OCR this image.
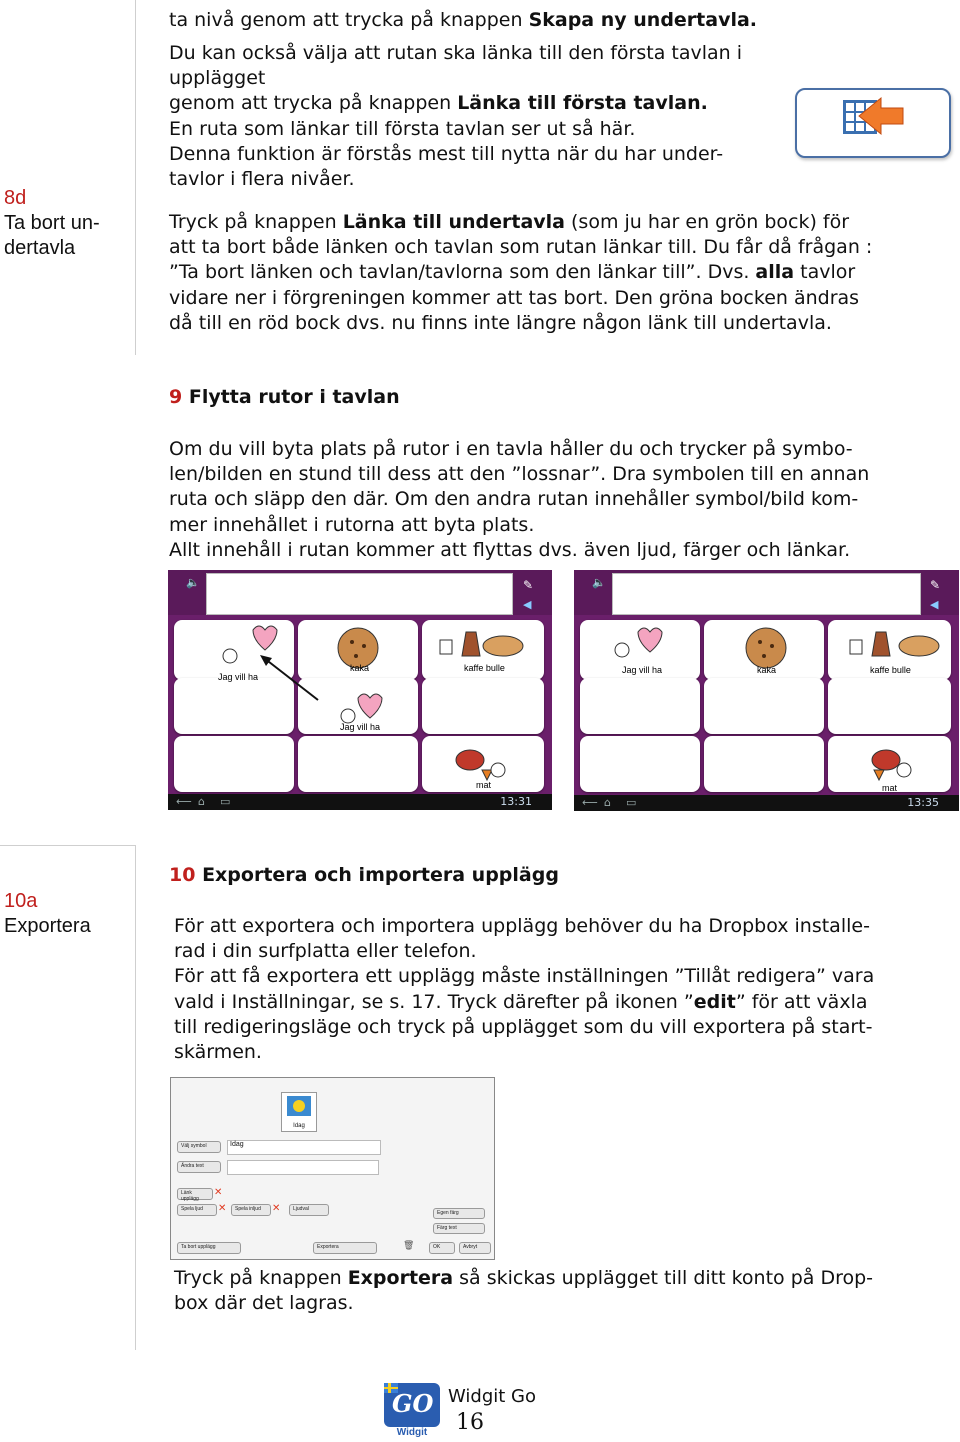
8d
Ta bort un-
dertavla
10a
Exportera

ta nivå genom att trycka på knappen Skapa ny undertavla.

Du kan också välja att rutan ska länka till den första tavlan i upplägget

genom att trycka på knappen Länka till första tavlan.

En ruta som länkar till första tavlan ser ut så här.

Denna funktion är förstås mest till nytta när du har under-

tavlor i flera nivåer.

Tryck på knappen Länka till undertavla (som ju har en grön bock) för

att ta bort både länken och tavlan som rutan länkar till. Du får då frågan :

”Ta bort länken och tavlan/tavlorna som den länkar till”. Dvs. alla tavlor

vidare ner i förgreningen kommer att tas bort. Den gröna bocken ändras

då till en röd bock dvs. nu finns inte längre någon länk till undertavla.

9 Flytta rutor i tavlan

Om du vill byta plats på rutor i en tavla håller du och trycker på symbo-

len/bilden en stund till dess att den ”lossnar”. Dra symbolen till en annan

ruta och släpp den där. Om den andra rutan innehåller symbol/bild kom-

mer innehållet i rutorna att byta plats.

Allt innehåll i rutan kommer att flyttas dvs. även ljud, färger och länkar.

🔈	✎
◀
Jag vill ha
kaka	kaffe bulle
Jag vill ha
mat
⟵ ⌂ ▭	13:31
🔈	✎
◀
Jag vill ha	kaka	kaffe bulle
mat
⟵ ⌂ ▭	13:35
10 Exportera och importera upplägg

För att exportera och importera upplägg behöver du ha Dropbox installe-

rad i din surfplatta eller telefon.

För att få exportera ett upplägg måste inställningen ”Tillåt redigera” vara

vald i Inställningar, se s. 17. Tryck därefter på ikonen ”edit” för att växla

till redigeringsläge och tryck på upplägget som du vill exportera på start-

skärmen.

Idag
Välj symbol	Idag
Ändra text
Länk upplägg
✕
Spela ljud	✕	Spela inljud	✕	Ljudval
Egen färg
Färg text
Ta bort upplägg	Exportera	🗑	OK	Avbryt

Tryck på knappen Exportera så skickas upplägget till ditt konto på Drop-

box där det lagras.

GO
Widgit
Widgit Go
16
